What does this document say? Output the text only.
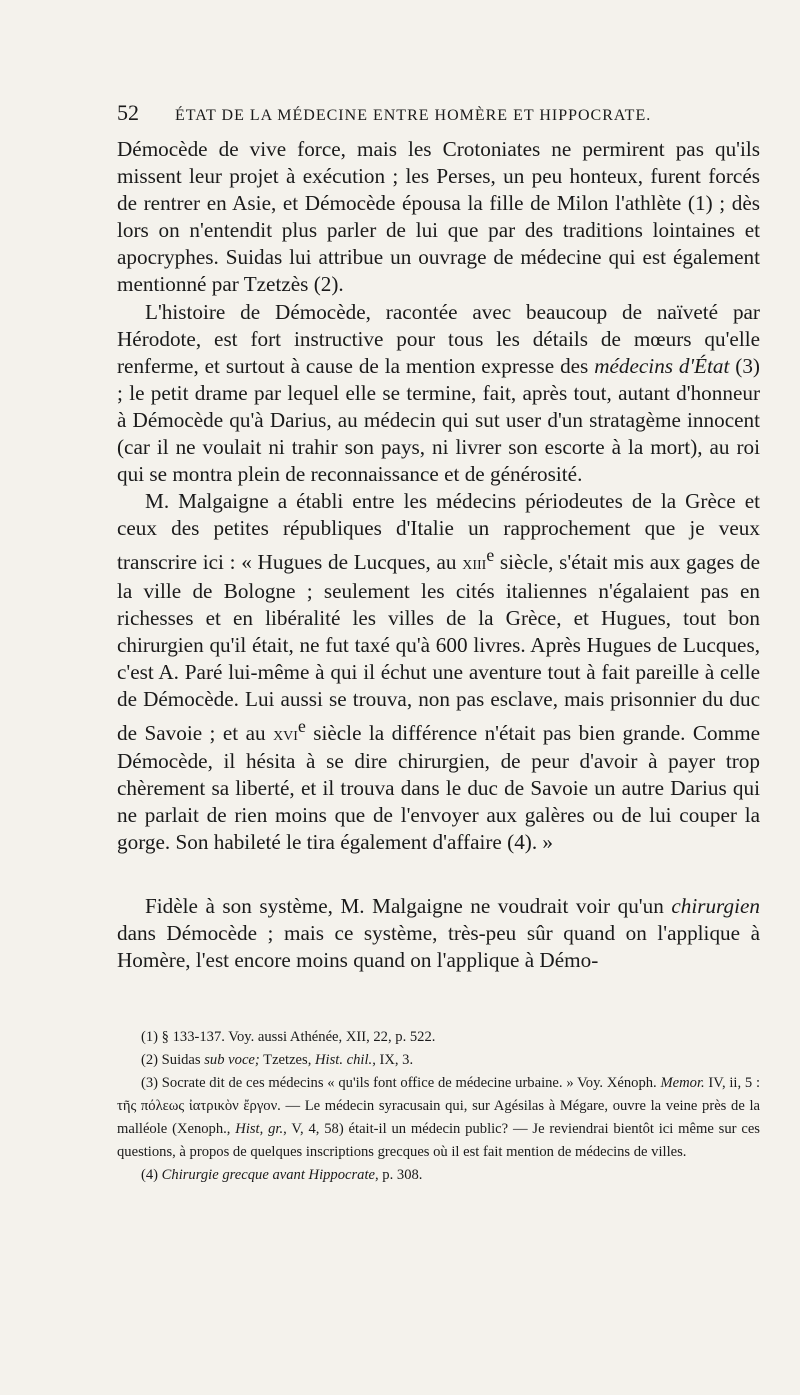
52 ÉTAT DE LA MÉDECINE ENTRE HOMÈRE ET HIPPOCRATE.

Démocède de vive force, mais les Crotoniates ne permirent pas qu'ils missent leur projet à exécution ; les Perses, un peu honteux, furent forcés de rentrer en Asie, et Démocède épousa la fille de Milon l'athlète (1) ; dès lors on n'entendit plus parler de lui que par des traditions lointaines et apocryphes. Suidas lui attribue un ouvrage de médecine qui est également mentionné par Tzetzès (2).

L'histoire de Démocède, racontée avec beaucoup de naïveté par Hérodote, est fort instructive pour tous les détails de mœurs qu'elle renferme, et surtout à cause de la mention expresse des médecins d'État (3) ; le petit drame par lequel elle se termine, fait, après tout, autant d'honneur à Démocède qu'à Darius, au médecin qui sut user d'un stratagème innocent (car il ne voulait ni trahir son pays, ni livrer son escorte à la mort), au roi qui se montra plein de reconnaissance et de générosité.

M. Malgaigne a établi entre les médecins périodeutes de la Grèce et ceux des petites républiques d'Italie un rapprochement que je veux transcrire ici : « Hugues de Lucques, au xiii$^e$ siècle, s'était mis aux gages de la ville de Bologne ; seulement les cités italiennes n'égalaient pas en richesses et en libéralité les villes de la Grèce, et Hugues, tout bon chirurgien qu'il était, ne fut taxé qu'à 600 livres. Après Hugues de Lucques, c'est A. Paré lui-même à qui il échut une aventure tout à fait pareille à celle de Démocède. Lui aussi se trouva, non pas esclave, mais prisonnier du duc de Savoie ; et au xvi$^e$ siècle la différence n'était pas bien grande. Comme Démocède, il hésita à se dire chirurgien, de peur d'avoir à payer trop chèrement sa liberté, et il trouva dans le duc de Savoie un autre Darius qui ne parlait de rien moins que de l'envoyer aux galères ou de lui couper la gorge. Son habileté le tira également d'affaire (4). »

Fidèle à son système, M. Malgaigne ne voudrait voir qu'un chirurgien dans Démocède ; mais ce système, très-peu sûr quand on l'applique à Homère, l'est encore moins quand on l'applique à Démo-

(1) § 133-137. Voy. aussi Athénée, XII, 22, p. 522.

(2) Suidas sub voce; Tzetzes, Hist. chil., IX, 3.

(3) Socrate dit de ces médecins « qu'ils font office de médecine urbaine. » Voy. Xénoph. Memor. IV, ii, 5 : τῆς πόλεως ἰατρικὸν ἔργον. — Le médecin syracusain qui, sur Agésilas à Mégare, ouvre la veine près de la malléole (Xenoph., Hist, gr., V, 4, 58) était-il un médecin public? — Je reviendrai bientôt ici même sur ces questions, à propos de quelques inscriptions grecques où il est fait mention de médecins de villes.

(4) Chirurgie grecque avant Hippocrate, p. 308.
